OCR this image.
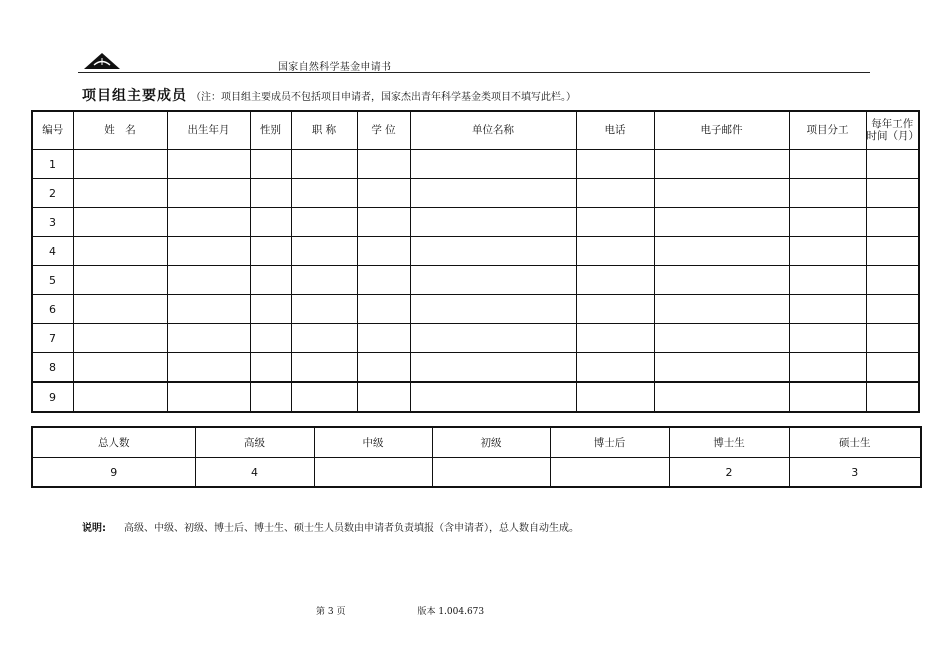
国家自然科学基金申请书
项目组主要成员 （注：项目组主要成员不包括项目申请者，国家杰出青年科学基金类项目不填写此栏。）
编号	姓　名	出生年月	性别	职 称	学 位	单位名称	电话	电子邮件	项目分工	每年工作时间（月）
1										
2										
3										
4										
5										
6										
7										
8										
9										
总人数	高级	中级	初级	博士后	博士生	硕士生
9	4				2	3
说明: 高级、中级、初级、博士后、博士生、硕士生人员数由申请者负责填报（含申请者），总人数自动生成。
第 3 页	版本 1.004.673
